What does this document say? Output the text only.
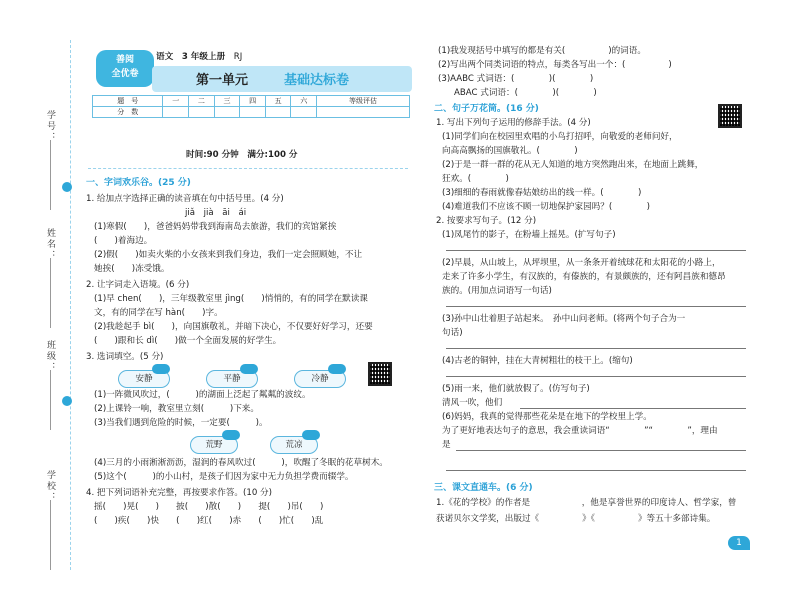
学号：
姓名：
班级：
学校：
善阅
全优卷
语文　 3 年级上册　 RJ
第一单元	基础达标卷
题　号	一	二	三	四	五	六	等级评估
分　数							
时间:90 分钟　满分:100 分
一、字词欢乐谷。(25 分)
1. 给加点字选择正确的读音填在句中括号里。(4 分)
jiǎ　jià　āi　ái
(1)寒假(　　)，爸爸妈妈带我到海南岛去旅游，我们的宾馆紧挨
(　　)着海边。
(2)假(　　)如卖火柴的小女孩来到我们身边，我们一定会照顾她，不让
她挨(　　)冻受饿。
2. 让字词走入语境。(6 分)
(1)早 chen(　　)，三年级教室里 jìng(　　)悄悄的，有的同学在默读课
文，有的同学在写 hàn(　　)字。
(2)我趁起手 bì(　　)，向国旗敬礼，并暗下决心，不仅要好好学习，还要
(　　)跟和长 dì(　　)做一个全面发展的好学生。
3. 选词填空。(5 分)
安静	平静	冷静
(1)一阵微风吹过，(　　　)的湖面上泛起了粼粼的波纹。
(2)上课铃一响，教室里立刻(　　　)下来。
(3)当我们遇到危险的时候，一定要(　　　)。
荒野	荒凉
(4)三月的小雨淅淅沥沥，湿润的春风吹过(　　　)，吹醒了冬眠的花草树木。
(5)这个(　　　)的小山村，是孩子们因为家中无力负担学费而辍学。
4. 把下列词语补充完整，再按要求作答。(10 分)
摇(　　)晃(　　)　　披(　　)散(　　)　　提(　　)吊(　　)
(　　)疾(　　)快　　(　　)红(　　)赤　　(　　)忙(　　)乱
(1)我发现括号中填写的都是有关(　　　　　)的词语。
(2)写出两个同类词语的特点，每类各写出一个：(　　　　　)
(3)AABC 式词语：(　　　　)(　　　　)
ABAC 式词语：(　　　　)(　　　　)
二、句子万花筒。(16 分)
1. 写出下列句子运用的修辞手法。(4 分)
(1)同学们向在校园里欢唱的小鸟打招呼，向敬爱的老师问好，
向高高飘扬的国旗敬礼。(　　　　)
(2)于是一群一群的花从无人知道的地方突然跑出来，在地面上跳舞，
狂欢。(　　　　)
(3)细细的春雨就像春姑娘纺出的线一样。(　　　　)
(4)难道我们不应该不顾一切地保护家园吗？(　　　　)
2. 按要求写句子。(12 分)
(1)凤尾竹的影子，在粉墙上摇晃。(扩写句子)
(2)早晨，从山坡上，从坪坝里，从一条条开着绒球花和太阳花的小路上，
走来了许多小学生，有汉族的，有傣族的，有景颇族的，还有阿昌族和德昂
族的。(用加点词语写一句话)
(3)孙中山壮着胆子站起来。　孙中山问老师。(将两个句子合为一
句话)
(4)古老的铜钟，挂在大青树粗壮的枝干上。(缩句)
(5)雨一来，他们就放假了。(仿写句子)
清风一吹，他们
(6)妈妈，我真的觉得那些花朵是在地下的学校里上学。
为了更好地表达句子的意思，我会重读词语“　　　　”“　　　　”，理由
是
三、课文直通车。(6 分)
1.《花的学校》的作者是　　　　　　，他是享誉世界的印度诗人、哲学家，曾
获诺贝尔文学奖，出版过《　　　　　》《　　　　　》等五十多部诗集。
1
